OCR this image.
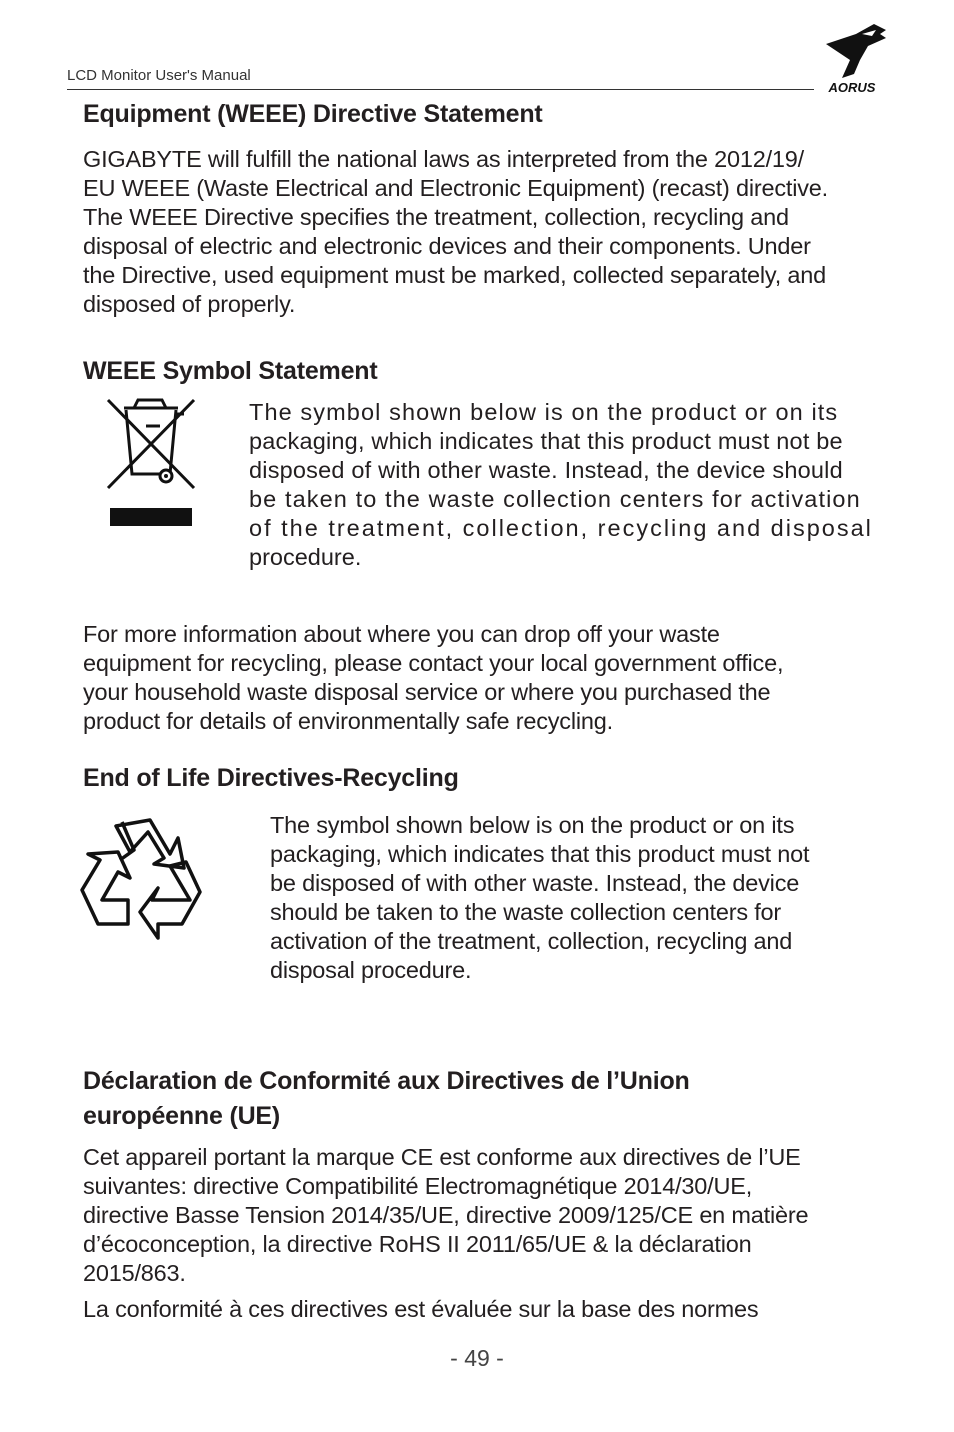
LCD Monitor User's Manual
AORUS
Equipment (WEEE) Directive Statement
GIGABYTE will fulfill the national laws as interpreted from the 2012/19/
EU WEEE (Waste Electrical and Electronic Equipment) (recast) directive.
The WEEE Directive specifies the treatment, collection, recycling and
disposal of electric and electronic devices and their components. Under
the Directive, used equipment must be marked, collected separately, and
disposed of properly.
WEEE Symbol Statement
The symbol shown below is on the product or on its
packaging, which indicates that this product must not be
disposed of with other waste. Instead, the device should
be taken to the waste collection centers for activation
of the treatment, collection, recycling and disposal
procedure.
For more information about where you can drop off your waste
equipment for recycling, please contact your local government office,
your household waste disposal service or where you purchased the
product for details of environmentally safe recycling.
End of Life Directives-Recycling
The symbol shown below is on the product or on its
packaging, which indicates that this product must not
be disposed of with other waste. Instead, the device
should be taken to the waste collection centers for
activation of the treatment, collection, recycling and
disposal procedure.
Déclaration de Conformité aux Directives de l’Union
européenne (UE)
Cet appareil portant la marque CE est conforme aux directives de l’UE
suivantes: directive Compatibilité Electromagnétique 2014/30/UE,
directive Basse Tension 2014/35/UE, directive 2009/125/CE en matière
d’écoconception, la directive RoHS II 2011/65/UE & la déclaration
2015/863.
La conformité à ces directives est évaluée sur la base des normes
- 49 -
